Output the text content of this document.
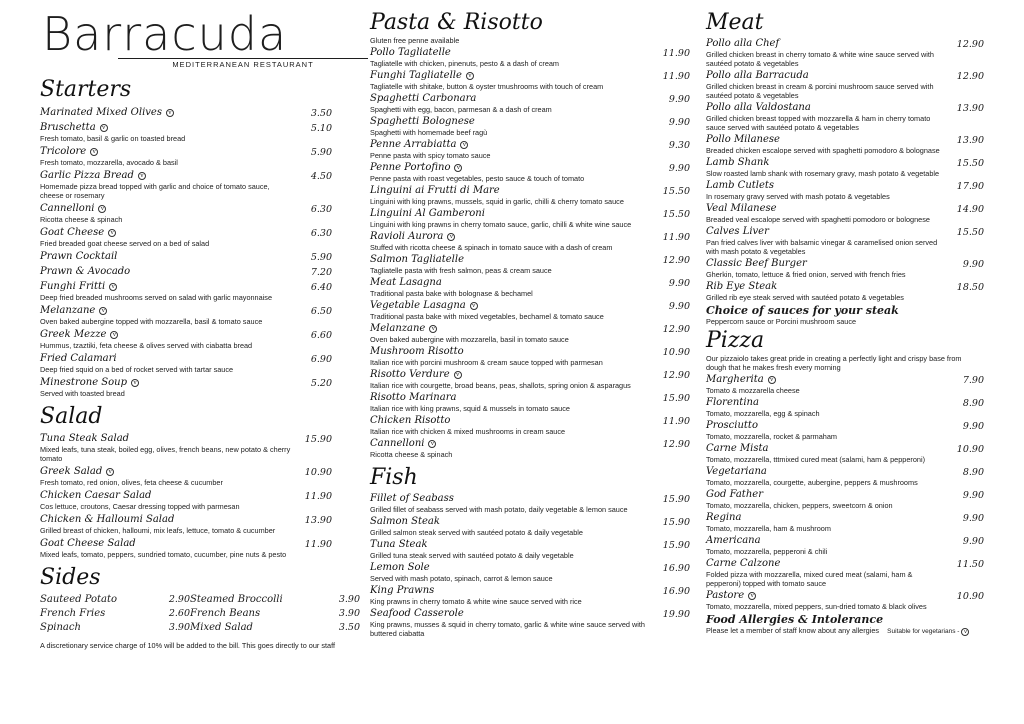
Barracuda
MEDITERRANEAN RESTAURANT
Starters
Marinated Mixed Olives	v	3.50
Bruschetta	v	5.10
Fresh tomato, basil & garlic on toasted bread
Tricolore	v	5.90
Fresh tomato, mozzarella, avocado & basil
Garlic Pizza Bread	v	4.50
Homemade pizza bread topped with garlic and choice of tomato sauce, cheese or rosemary
Cannelloni	v	6.30
Ricotta cheese & spinach
Goat Cheese	v	6.30
Fried breaded goat cheese served on a bed of salad
Prawn Cocktail	5.90
Prawn & Avocado	7.20
Funghi Fritti	v	6.40
Deep fried breaded mushrooms served on salad with garlic mayonnaise
Melanzane	v	6.50
Oven baked aubergine topped with mozzarella, basil & tomato sauce
Greek Mezze	v	6.60
Hummus, tzaztiki, feta cheese & olives served with ciabatta bread
Fried Calamari	6.90
Deep fried squid on a bed of rocket served with tartar sauce
Minestrone Soup	v	5.20
Served with toasted bread
Salad
Tuna Steak Salad	15.90
Mixed leafs, tuna steak, boiled egg, olives, french beans, new potato & cherry tomato
Greek Salad	v	10.90
Fresh tomato, red onion, olives, feta cheese & cucumber
Chicken Caesar Salad	11.90
Cos lettuce, croutons, Caesar dressing topped with parmesan
Chicken & Halloumi Salad	13.90
Grilled breast of chicken, halloumi, mix leafs, lettuce, tomato & cucumber
Goat Cheese Salad	11.90
Mixed leafs, tomato, peppers, sundried tomato, cucumber, pine nuts & pesto
Sides
Sauteed Potato	2.90 Steamed Broccolli	3.90
French Fries	2.60 French Beans	3.90
Spinach	3.90 Mixed Salad	3.50
A discretionary service charge of 10% will be added to the bill. This goes directly to our staff
Pasta & Risotto
Gluten free penne available
Pollo Tagliatelle	11.90
Tagliatelle with chicken, pinenuts, pesto & a dash of cream
Funghi Tagliatelle	v	11.90
Tagliatelle with shitake, button & oyster tmushrooms with touch of cream
Spaghetti Carbonara	9.90
Spaghetti with egg, bacon, parmesan & a dash of cream
Spaghetti Bolognese	9.90
Spaghetti with homemade beef ragù
Penne Arrabiatta	v	9.30
Penne pasta with spicy tomato sauce
Penne Portofino	v	9.90
Penne pasta with roast vegetables, pesto sauce & touch of tomato
Linguini ai Frutti di Mare	15.50
Linguini with king prawns, mussels, squid in garlic, chilli & cherry tomato sauce
Linguini Al Gamberoni	15.50
Linguini with king prawns in cherry tomato sauce, garlic, chilli & white wine sauce
Ravioli Aurora	v	11.90
Stuffed with ricotta cheese & spinach in tomato sauce with a dash of cream
Salmon Tagliatelle	12.90
Tagliatelle pasta with fresh salmon, peas & cream sauce
Meat Lasagna	9.90
Traditional pasta bake with bolognase & bechamel
Vegetable Lasagna	v	9.90
Traditional pasta bake with mixed vegetables, bechamel & tomato sauce
Melanzane	v	12.90
Oven baked aubergine with mozzarella, basil in tomato sauce
Mushroom Risotto	10.90
Italian rice with porcini mushroom & cream sauce topped with parmesan
Risotto Verdure	v	12.90
Italian rice with courgette, broad beans, peas, shallots, spring onion & asparagus
Risotto Marinara	15.90
Italian rice with king prawns, squid & mussels in tomato sauce
Chicken Risotto	11.90
Italian rice with chicken & mixed mushrooms in cream sauce
Cannelloni	v	12.90
Ricotta cheese & spinach
Fish
Fillet of Seabass	15.90
Grilled fillet of seabass served with mash potato, daily vegetable & lemon sauce
Salmon Steak	15.90
Grilled salmon steak served with sautéed potato & daily vegetable
Tuna Steak	15.90
Grilled tuna steak served with sautéed potato & daily vegetable
Lemon Sole	16.90
Served with mash potato, spinach, carrot & lemon sauce
King Prawns	16.90
King prawns in cherry tomato & white wine sauce served with rice
Seafood Casserole	19.90
King prawns, musses & squid in cherry tomato, garlic & white wine sauce served with buttered ciabatta
Meat
Pollo alla Chef	12.90
Grilled chicken breast in cherry tomato & white wine sauce served with sautéed potato & vegetables
Pollo alla Barracuda	12.90
Grilled chicken breast in cream & porcini mushroom sauce served with sautéed potato & vegetables
Pollo alla Valdostana	13.90
Grilled chicken breast topped with mozzarella & ham in cherry tomato sauce served with sautéed potato & vegetables
Pollo Milanese	13.90
Breaded chicken escalope served with spaghetti pomodoro & bolognase
Lamb Shank	15.50
Slow roasted lamb shank with rosemary gravy, mash potato & vegetable
Lamb Cutlets	17.90
In rosemary gravy served with mash potato & vegetables
Veal Milanese	14.90
Breaded veal escalope served with spaghetti pomodoro or bolognese
Calves Liver	15.50
Pan fried calves liver with balsamic vinegar & caramelised onion served with mash potato & vegetables
Classic Beef Burger	9.90
Gherkin, tomato, lettuce & fried onion, served with french fries
Rib Eye Steak	18.50
Grilled rib eye steak served with sautéed potato & vegetables
Choice of sauces for your steak
Peppercorn sauce or Porcini mushroom sauce
Pizza
Our pizzaiolo takes great pride in creating a perfectly light and crispy base from dough that he makes fresh every morning
Margherita	v	7.90
Tomato & mozzarella cheese
Florentina	8.90
Tomato, mozzarella, egg & spinach
Prosciutto	9.90
Tomato, mozzarella, rocket & parmaham
Carne Mista	10.90
Tomato, mozzarella, tttmixed cured meat (salami, ham & pepperoni)
Vegetariana	8.90
Tomato, mozzarella, courgette, aubergine, peppers & mushrooms
God Father	9.90
Tomato, mozzarella, chicken, peppers, sweetcorn & onion
Regina	9.90
Tomato, mozzarella, ham & mushroom
Americana	9.90
Tomato, mozzarella, pepperoni & chili
Carne Calzone	11.50
Folded pizza with mozzarella, mixed cured meat (salami, ham & pepperoni) topped with tomato sauce
Pastore	v	10.90
Tomato, mozzarella, mixed peppers, sun-dried tomato & black olives
Food Allergies & Intolerance
Please let a member of staff know about any allergies Suitable for vegetarians - v
